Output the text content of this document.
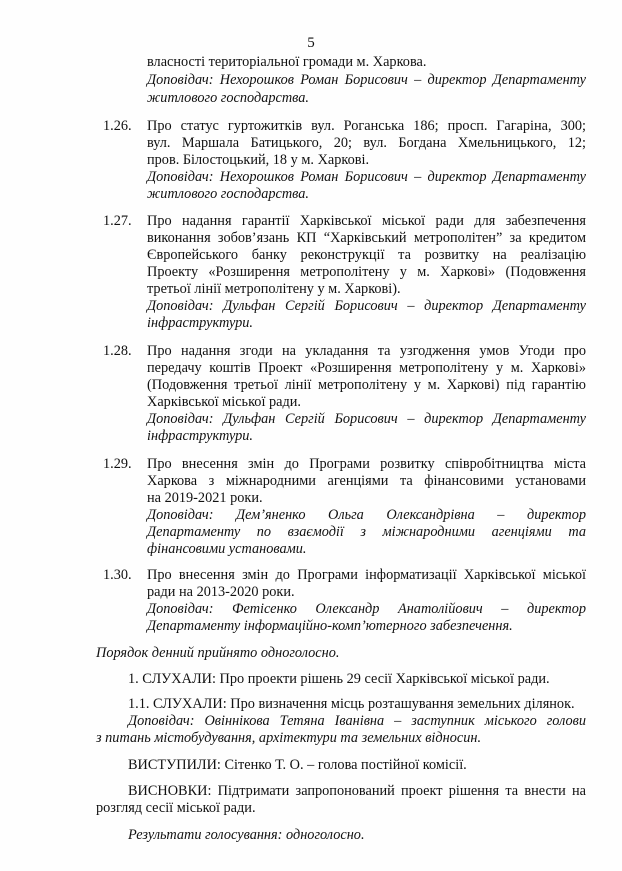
5
власності територіальної громади м. Харкова.
Доповідач: Нехорошков Роман Борисович – директор Департаменту
житлового господарства.
1.26. Про статус гуртожитків вул. Роганська 186; просп. Гагаріна, 300;
вул. Маршала Батицького, 20; вул. Богдана Хмельницького, 12;
пров. Білостоцький, 18 у м. Харкові.
Доповідач: Нехорошков Роман Борисович – директор Департаменту
житлового господарства.
1.27. Про надання гарантії Харківської міської ради для забезпечення
виконання зобов’язань КП “Харківський метрополітен” за кредитом
Європейського банку реконструкції та розвитку на реалізацію
Проекту «Розширення метрополітену у м. Харкові» (Подовження
третьої лінії метрополітену у м. Харкові).
Доповідач: Дульфан Сергій Борисович – директор Департаменту
інфраструктури.
1.28. Про надання згоди на укладання та узгодження умов Угоди про
передачу коштів Проект «Розширення метрополітену у м. Харкові»
(Подовження третьої лінії метрополітену у м. Харкові) під гарантію
Харківської міської ради.
Доповідач: Дульфан Сергій Борисович – директор Департаменту
інфраструктури.
1.29. Про внесення змін до Програми розвитку співробітництва міста
Харкова з міжнародними агенціями та фінансовими установами
на 2019-2021 роки.
Доповідач: Дем’яненко Ольга Олександрівна – директор
Департаменту по взаємодії з міжнародними агенціями та
фінансовими установами.
1.30. Про внесення змін до Програми інформатизації Харківської міської
ради на 2013-2020 роки.
Доповідач: Фетісенко Олександр Анатолійович – директор
Департаменту інформаційно-комп’ютерного забезпечення.
Порядок денний прийнято одноголосно.
1. СЛУХАЛИ: Про проекти рішень 29 сесії Харківської міської ради.
1.1. СЛУХАЛИ: Про визначення місць розташування земельних ділянок.
Доповідач: Овіннікова Тетяна Іванівна – заступник міського голови
з питань містобудування, архітектури та земельних відносин.
ВИСТУПИЛИ: Сітенко Т. О. – голова постійної комісії.
ВИСНОВКИ: Підтримати запропонований проект рішення та внести на
розгляд сесії міської ради.
Результати голосування: одноголосно.
